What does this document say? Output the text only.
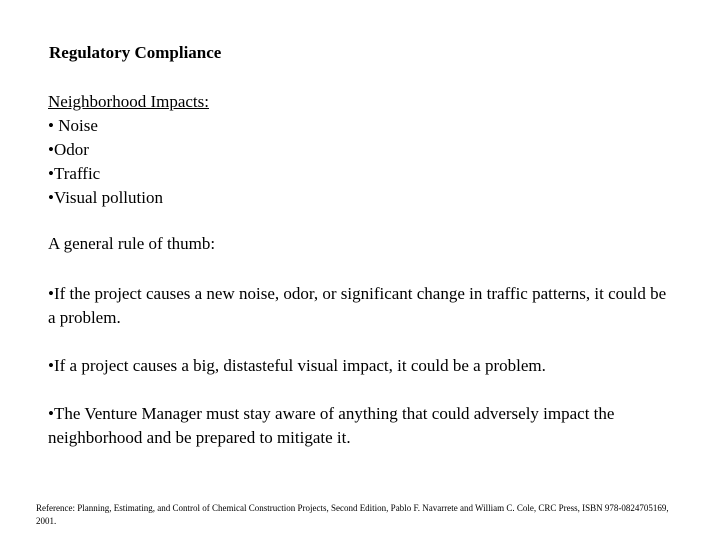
Regulatory Compliance
Neighborhood Impacts:
• Noise
•Odor
•Traffic
•Visual pollution
A general rule of thumb:
•If the project causes a new noise, odor, or significant change in traffic patterns, it could be a problem.
•If a project causes a big, distasteful visual impact, it could be a problem.
•The Venture Manager must stay aware of anything that could adversely impact the neighborhood and be prepared to mitigate it.
Reference: Planning, Estimating, and Control of Chemical Construction Projects, Second Edition, Pablo F. Navarrete and William C. Cole, CRC Press, ISBN 978-0824705169, 2001.
